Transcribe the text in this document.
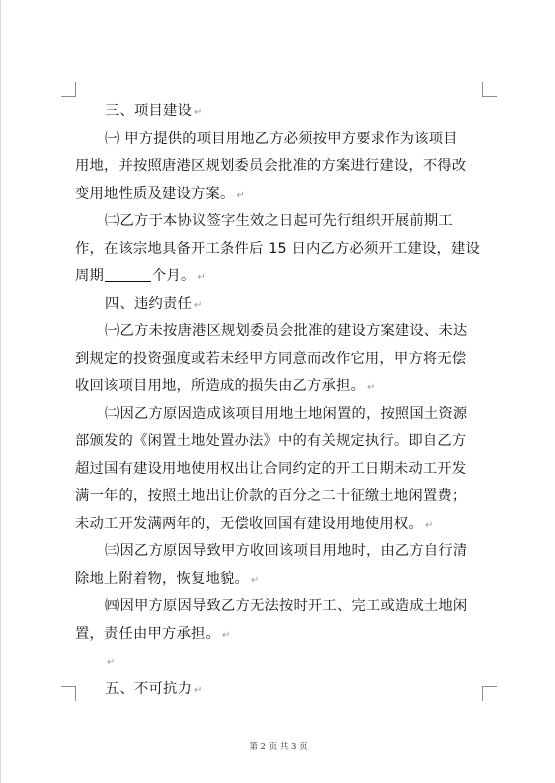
三、项目建设 ↵
㈠ 甲方提供的项目用地乙方必须按甲方要求作为该项目
用地，并按照唐港区规划委员会批准的方案进行建设，不得改
变用地性质及建设方案。 ↵
㈡乙方于本协议签字生效之日起可先行组织开展前期工
作，在该宗地具备开工条件后 15 日内乙方必须开工建设，建设
周期	个月。 ↵
四、违约责任 ↵
㈠乙方未按唐港区规划委员会批准的建设方案建设、未达
到规定的投资强度或若未经甲方同意而改作它用，甲方将无偿
收回该项目用地，所造成的损失由乙方承担。 ↵
㈡因乙方原因造成该项目用地土地闲置的，按照国土资源
部颁发的《闲置土地处置办法》中的有关规定执行。即自乙方
超过国有建设用地使用权出让合同约定的开工日期未动工开发
满一年的，按照土地出让价款的百分之二十征缴土地闲置费；
未动工开发满两年的，无偿收回国有建设用地使用权。 ↵
㈢因乙方原因导致甲方收回该项目用地时，由乙方自行清
除地上附着物，恢复地貌。 ↵
㈣因甲方原因导致乙方无法按时开工、完工或造成土地闲
置，责任由甲方承担。 ↵
↵
五、不可抗力 ↵
第 2 页 共 3 页
